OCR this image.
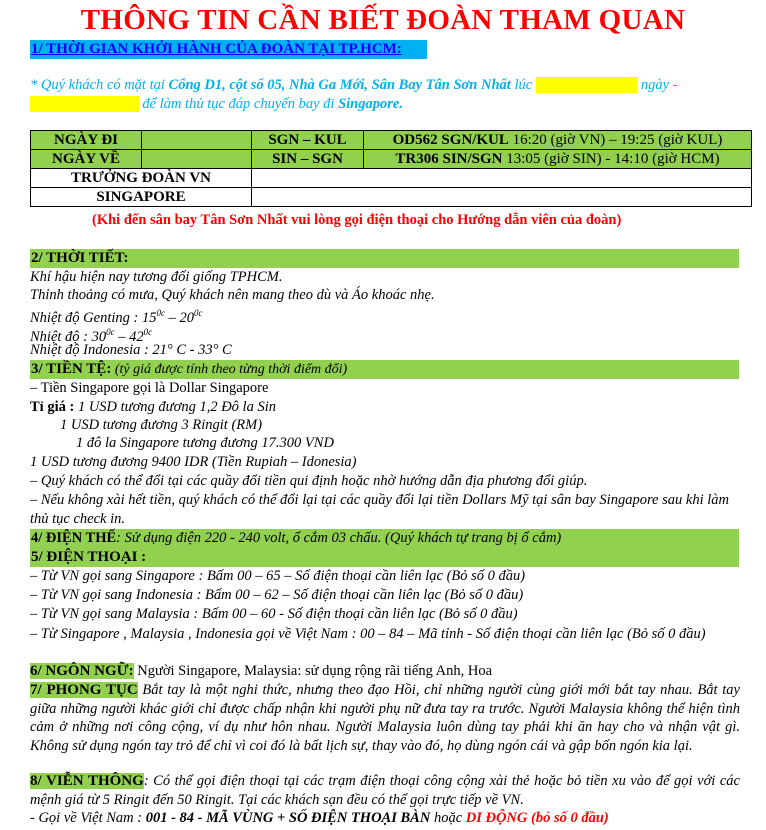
THÔNG TIN CẦN BIẾT ĐOÀN THAM QUAN
1/ THỜI GIAN KHỞI HÀNH CỦA ĐOÀN TẠI TP.HCM:
* Quý khách có mặt tại Cổng D1, cột số 05, Nhà Ga Mới, Sân Bay Tân Sơn Nhất lúc	ngày -
để làm thủ tục đáp chuyến bay đi Singapore.
NGÀY ĐI		SGN – KUL	OD562 SGN/KUL 16:20 (giờ VN) – 19:25 (giờ KUL)
NGÀY VỀ		SIN – SGN	TR306 SIN/SGN 13:05 (giờ SIN) - 14:10 (giờ HCM)
TRƯỞNG ĐOÀN VN			
SINGAPORE			
(Khi đến sân bay Tân Sơn Nhất vui lòng gọi điện thoại cho Hướng dẫn viên của đoàn)
2/ THỜI TIẾT:
Khí hậu hiện nay tương đối giống TPHCM.
Thỉnh thoảng có mưa, Quý khách nên mang theo dù và Áo khoác nhẹ.
Nhiệt độ Genting : $15^{0c} - 20^{0c}$
Nhiệt độ : $30^{0c} - 42^{0c}$
Nhiệt độ Indonesia : 21° C - 33° C
3/ TIỀN TỆ: (tỷ giá được tính theo từng thời điểm đổi)
– Tiền Singapore gọi là Dollar Singapore
Tỉ giá : 1 USD tương đương 1,2 Đô la Sin
1 USD tương đương 3 Ringit (RM)
1 đô la Singapore tương đương 17.300 VND
1 USD tương đương 9400 IDR (Tiền Rupiah – Idonesia)
– Quý khách có thể đổi tại các quầy đổi tiền qui định hoặc nhờ hướng dẫn địa phương đổi giúp.
– Nếu không xài hết tiền, quý khách có thể đổi lại tại các quầy đổi lại tiền Dollars Mỹ tại sân bay Singapore sau khi làm thủ tục check in.
4/ ĐIỆN THẾ: Sử dụng điện 220 - 240 volt, ổ cắm 03 chấu. (Quý khách tự trang bị ổ cắm)
5/ ĐIỆN THOẠI :
– Từ VN gọi sang Singapore : Bấm 00 – 65 – Số điện thoại cần liên lạc (Bỏ số 0 đầu)
– Từ VN gọi sang Indonesia : Bấm 00 – 62 – Số điện thoại cần liên lạc (Bỏ số 0 đầu)
– Từ VN gọi sang Malaysia : Bấm 00 – 60 - Số điện thoại cần liên lạc (Bỏ số 0 đầu)
– Từ Singapore , Malaysia , Indonesia gọi về Việt Nam : 00 – 84 – Mã tỉnh - Số điện thoại cần liên lạc (Bỏ số 0 đầu)
6/ NGÔN NGỮ: Người Singapore, Malaysia: sử dụng rộng rãi tiếng Anh, Hoa
7/ PHONG TỤC Bắt tay là một nghi thức, nhưng theo đạo Hồi, chỉ những người cùng giới mới bắt tay nhau. Bắt tay giữa những người khác giới chỉ được chấp nhận khi người phụ nữ đưa tay ra trước. Người Malaysia không thể hiện tình cảm ở những nơi công cộng, ví dụ như hôn nhau. Người Malaysia luôn dùng tay phải khi ăn hay cho và nhận vật gì. Không sử dụng ngón tay trỏ để chỉ vì coi đó là bất lịch sự, thay vào đó, họ dùng ngón cái và gập bốn ngón kia lại.
8/ VIỄN THÔNG: Có thể gọi điện thoại tại các trạm điện thoại công cộng xài thẻ hoặc bỏ tiền xu vào để gọi với các mệnh giá từ 5 Ringit đến 50 Ringit. Tại các khách sạn đều có thể gọi trực tiếp về VN.
- Gọi về Việt Nam : 001 - 84 - MÃ VÙNG + SỐ ĐIỆN THOẠI BÀN hoặc DI ĐỘNG (bỏ số 0 đầu)
